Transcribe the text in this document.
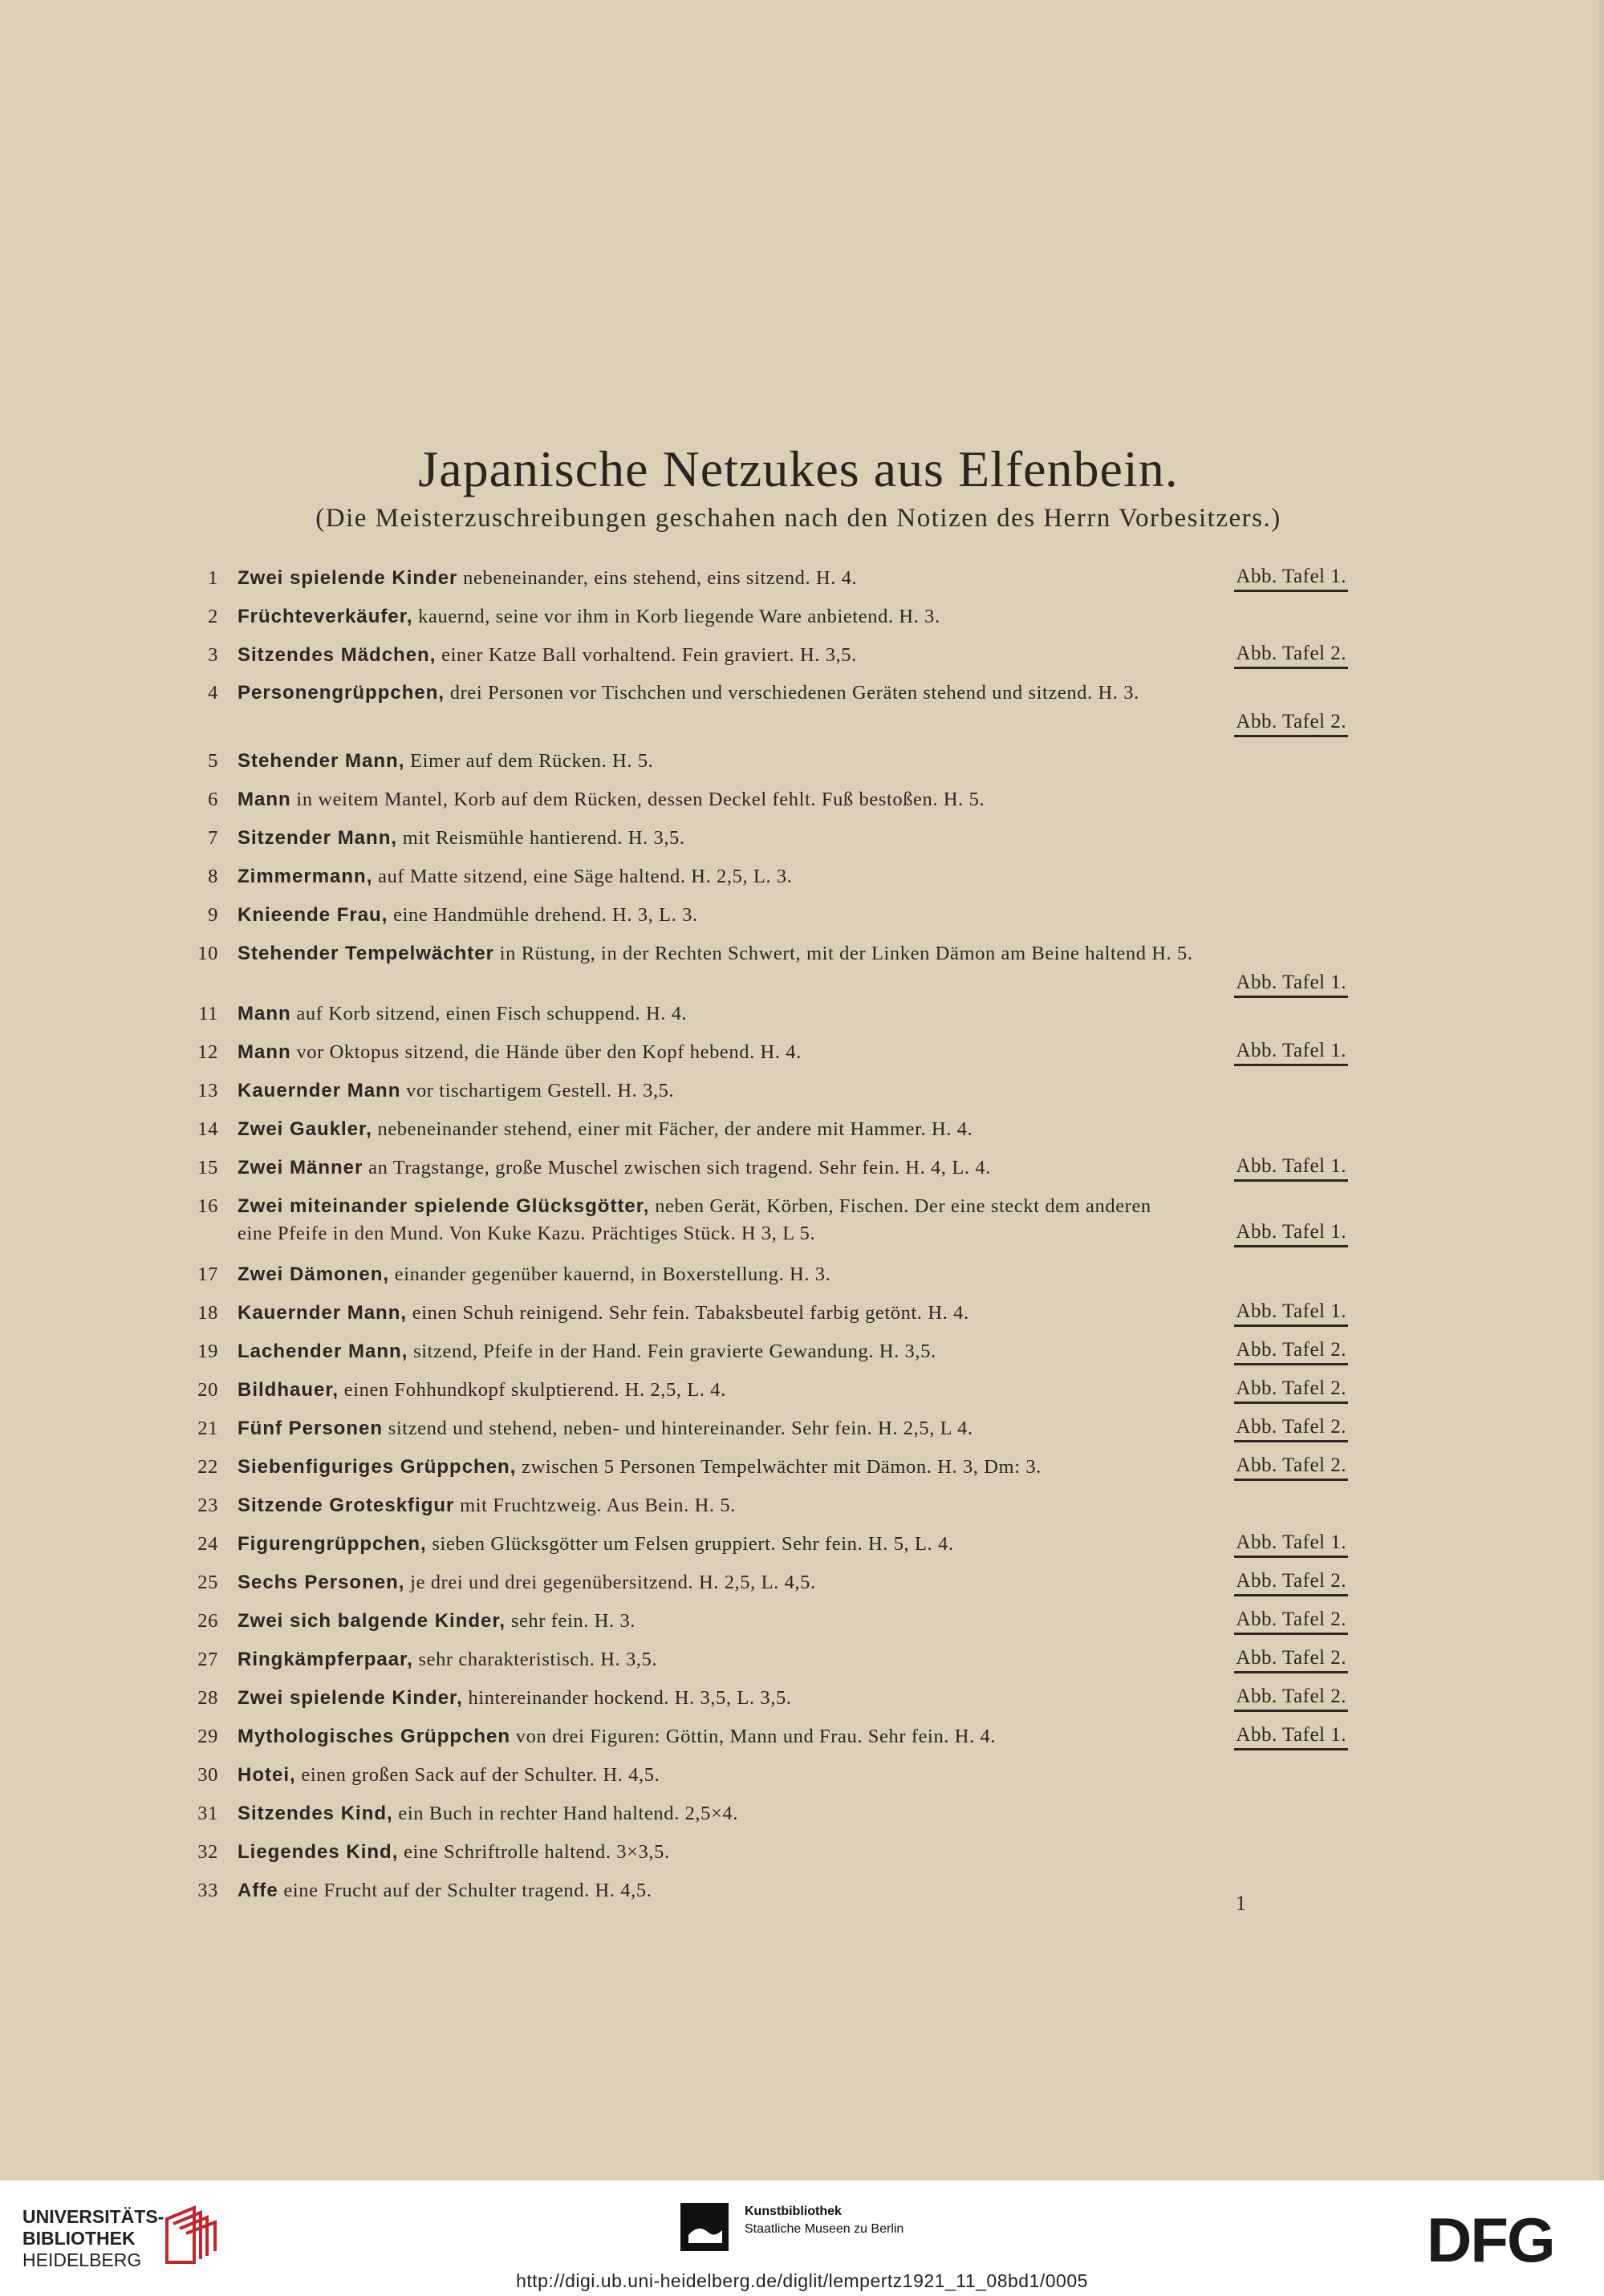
Japanische Netzukes aus Elfenbein.
(Die Meisterzuschreibungen geschahen nach den Notizen des Herrn Vorbesitzers.)
1 Zwei spielende Kinder nebeneinander, eins stehend, eins sitzend. H. 4.	Abb. Tafel 1.
2 Früchteverkäufer, kauernd, seine vor ihm in Korb liegende Ware anbietend. H. 3.
3 Sitzendes Mädchen, einer Katze Ball vorhaltend. Fein graviert. H. 3,5.	Abb. Tafel 2.
4 Personengrüppchen, drei Personen vor Tischchen und verschiedenen Geräten stehend und sitzend. H. 3.
Abb. Tafel 2.
5 Stehender Mann, Eimer auf dem Rücken. H. 5.
6 Mann in weitem Mantel, Korb auf dem Rücken, dessen Deckel fehlt. Fuß bestoßen. H. 5.
7 Sitzender Mann, mit Reismühle hantierend. H. 3,5.
8 Zimmermann, auf Matte sitzend, eine Säge haltend. H. 2,5, L. 3.
9 Knieende Frau, eine Handmühle drehend. H. 3, L. 3.
10 Stehender Tempelwächter in Rüstung, in der Rechten Schwert, mit der Linken Dämon am Beine haltend H. 5.
Abb. Tafel 1.
11 Mann auf Korb sitzend, einen Fisch schuppend. H. 4.
12 Mann vor Oktopus sitzend, die Hände über den Kopf hebend. H. 4.	Abb. Tafel 1.
13 Kauernder Mann vor tischartigem Gestell. H. 3,5.
14 Zwei Gaukler, nebeneinander stehend, einer mit Fächer, der andere mit Hammer. H. 4.
15 Zwei Männer an Tragstange, große Muschel zwischen sich tragend. Sehr fein. H. 4, L. 4.	Abb. Tafel 1.
16 Zwei miteinander spielende Glücksgötter, neben Gerät, Körben, Fischen. Der eine steckt dem anderen
eine Pfeife in den Mund. Von Kuke Kazu. Prächtiges Stück. H 3, L 5.	Abb. Tafel 1.
17 Zwei Dämonen, einander gegenüber kauernd, in Boxerstellung. H. 3.
18 Kauernder Mann, einen Schuh reinigend. Sehr fein. Tabaksbeutel farbig getönt. H. 4.	Abb. Tafel 1.
19 Lachender Mann, sitzend, Pfeife in der Hand. Fein gravierte Gewandung. H. 3,5.	Abb. Tafel 2.
20 Bildhauer, einen Fohhundkopf skulptierend. H. 2,5, L. 4.	Abb. Tafel 2.
21 Fünf Personen sitzend und stehend, neben- und hintereinander. Sehr fein. H. 2,5, L 4.	Abb. Tafel 2.
22 Siebenfiguriges Grüppchen, zwischen 5 Personen Tempelwächter mit Dämon. H. 3, Dm: 3.	Abb. Tafel 2.
23 Sitzende Groteskfigur mit Fruchtzweig. Aus Bein. H. 5.
24 Figurengrüppchen, sieben Glücksgötter um Felsen gruppiert. Sehr fein. H. 5, L. 4.	Abb. Tafel 1.
25 Sechs Personen, je drei und drei gegenübersitzend. H. 2,5, L. 4,5.	Abb. Tafel 2.
26 Zwei sich balgende Kinder, sehr fein. H. 3.	Abb. Tafel 2.
27 Ringkämpferpaar, sehr charakteristisch. H. 3,5.	Abb. Tafel 2.
28 Zwei spielende Kinder, hintereinander hockend. H. 3,5, L. 3,5.	Abb. Tafel 2.
29 Mythologisches Grüppchen von drei Figuren: Göttin, Mann und Frau. Sehr fein. H. 4.	Abb. Tafel 1.
30 Hotei, einen großen Sack auf der Schulter. H. 4,5.
31 Sitzendes Kind, ein Buch in rechter Hand haltend. 2,5×4.
32 Liegendes Kind, eine Schriftrolle haltend. 3×3,5.
33 Affe eine Frucht auf der Schulter tragend. H. 4,5.
1
UNIVERSITÄTS-
BIBLIOTHEK
HEIDELBERG
Kunstbibliothek
Staatliche Museen zu Berlin	DFG
http://digi.ub.uni-heidelberg.de/diglit/lempertz1921_11_08bd1/0005
